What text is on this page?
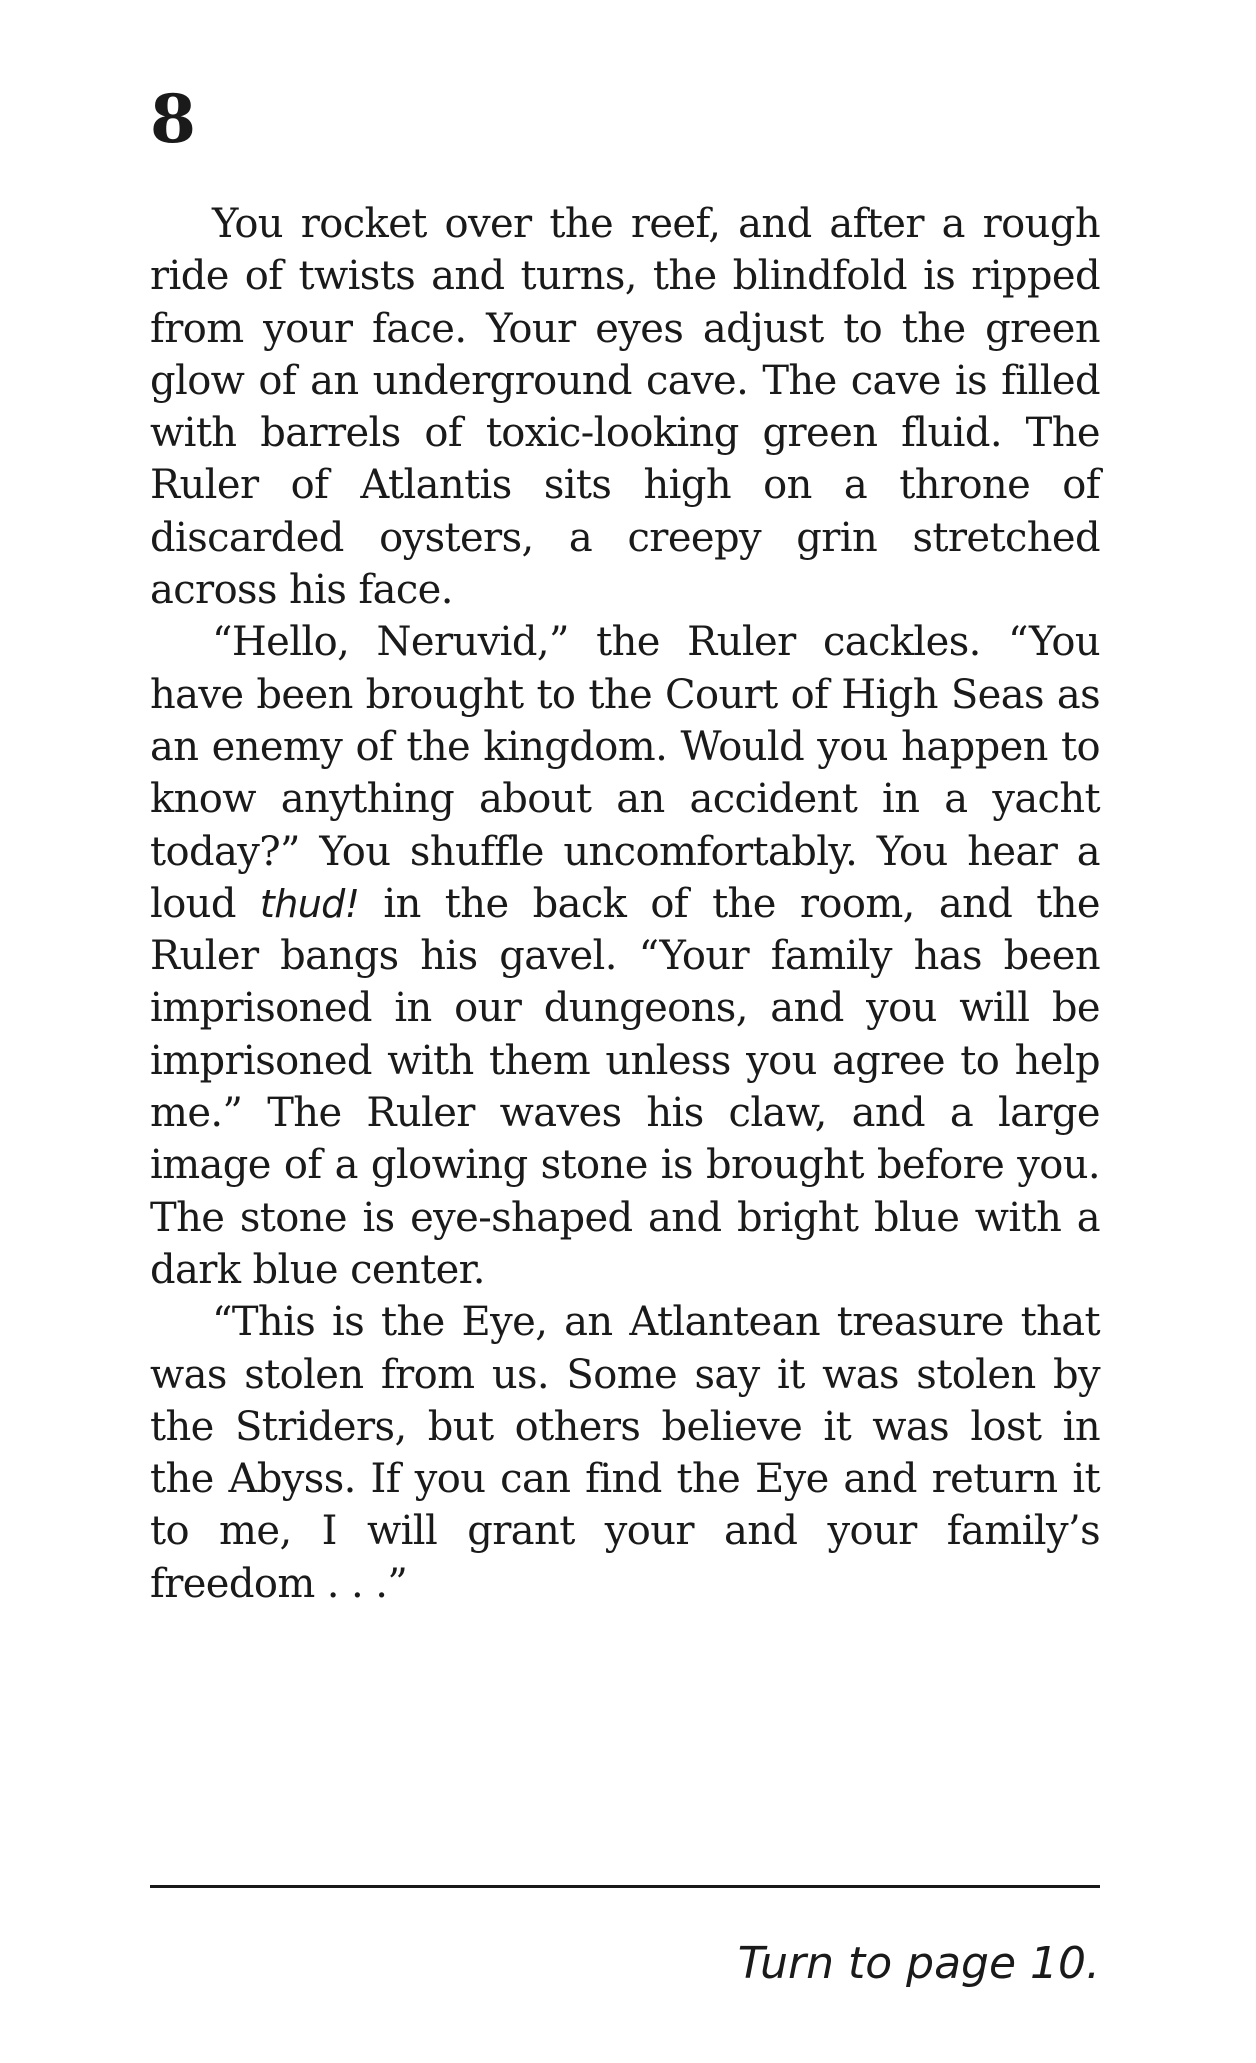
8

You rocket over the reef, and after a rough ride of twists and turns, the blindfold is ripped from your face. Your eyes adjust to the green glow of an underground cave. The cave is filled with barrels of toxic-looking green fluid. The Ruler of Atlantis sits high on a throne of discarded oysters, a creepy grin stretched across his face.

“Hello, Neruvid,” the Ruler cackles. “You have been brought to the Court of High Seas as an enemy of the kingdom. Would you happen to know anything about an accident in a yacht today?” You shuffle uncomfortably. You hear a loud thud! in the back of the room, and the Ruler bangs his gavel. “Your family has been imprisoned in our dungeons, and you will be imprisoned with them unless you agree to help me.” The Ruler waves his claw, and a large image of a glowing stone is brought before you. The stone is eye-shaped and bright blue with a dark blue center.

“This is the Eye, an Atlantean treasure that was stolen from us. Some say it was stolen by the Striders, but others believe it was lost in the Abyss. If you can find the Eye and return it to me, I will grant your and your family’s freedom . . .”

Turn to page 10.
